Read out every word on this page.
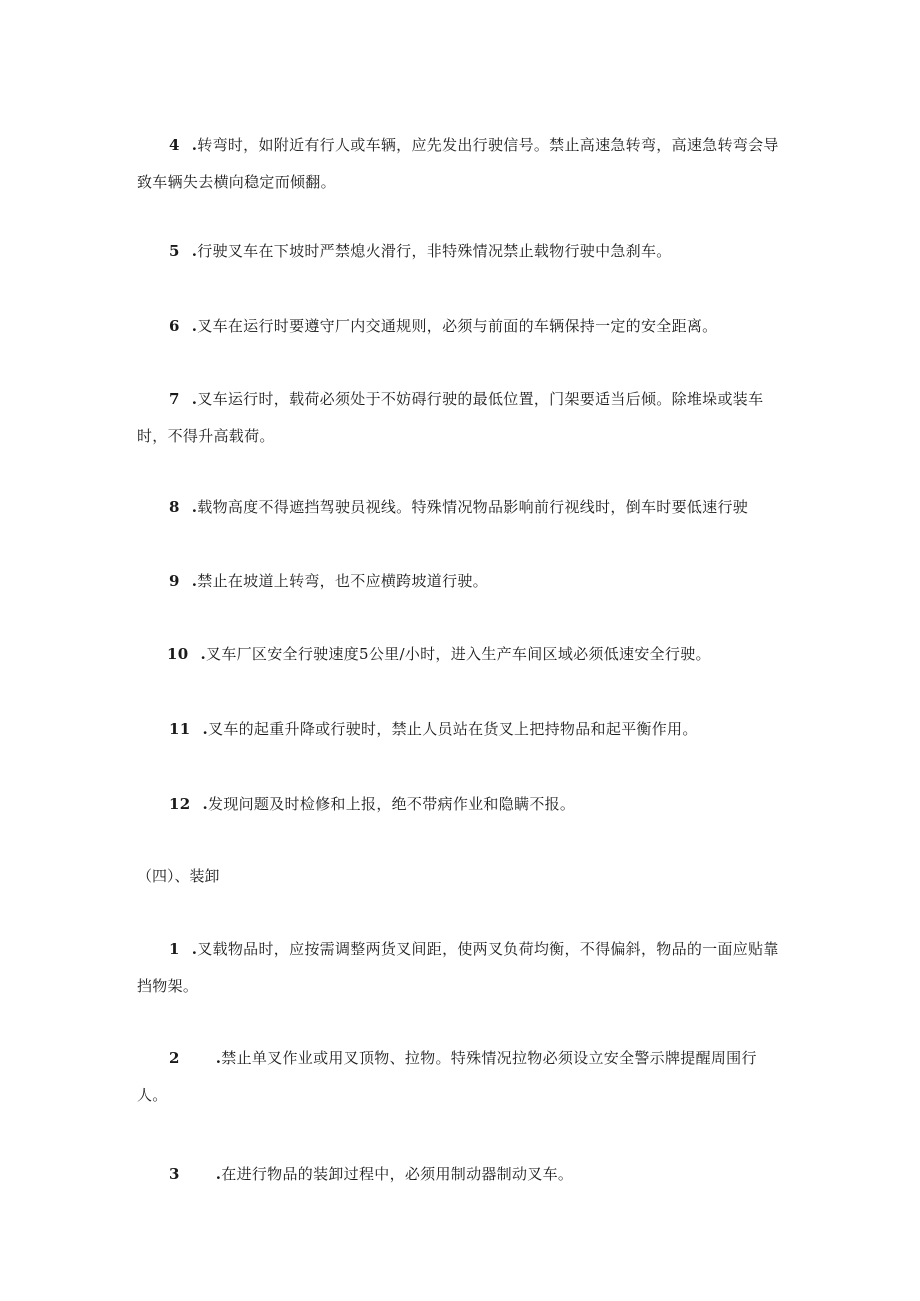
4 .转弯时，如附近有行人或车辆，应先发出行驶信号。禁止高速急转弯，高速急转弯会导致车辆失去横向稳定而倾翻。

5 .行驶叉车在下坡时严禁熄火滑行，非特殊情况禁止载物行驶中急刹车。

6 .叉车在运行时要遵守厂内交通规则，必须与前面的车辆保持一定的安全距离。

7 .叉车运行时，载荷必须处于不妨碍行驶的最低位置，门架要适当后倾。除堆垛或装车时，不得升高载荷。

8 .载物高度不得遮挡驾驶员视线。特殊情况物品影响前行视线时，倒车时要低速行驶

9 .禁止在坡道上转弯，也不应横跨坡道行驶。

10 .叉车厂区安全行驶速度5公里/小时，进入生产车间区域必须低速安全行驶。

11 .叉车的起重升降或行驶时，禁止人员站在货叉上把持物品和起平衡作用。

12 .发现问题及时检修和上报，绝不带病作业和隐瞒不报。

（四）、装卸

1 .叉载物品时，应按需调整两货叉间距，使两叉负荷均衡，不得偏斜，物品的一面应贴靠挡物架。

2 .禁止单叉作业或用叉顶物、拉物。特殊情况拉物必须设立安全警示牌提醒周围行人。

3 .在进行物品的装卸过程中，必须用制动器制动叉车。
